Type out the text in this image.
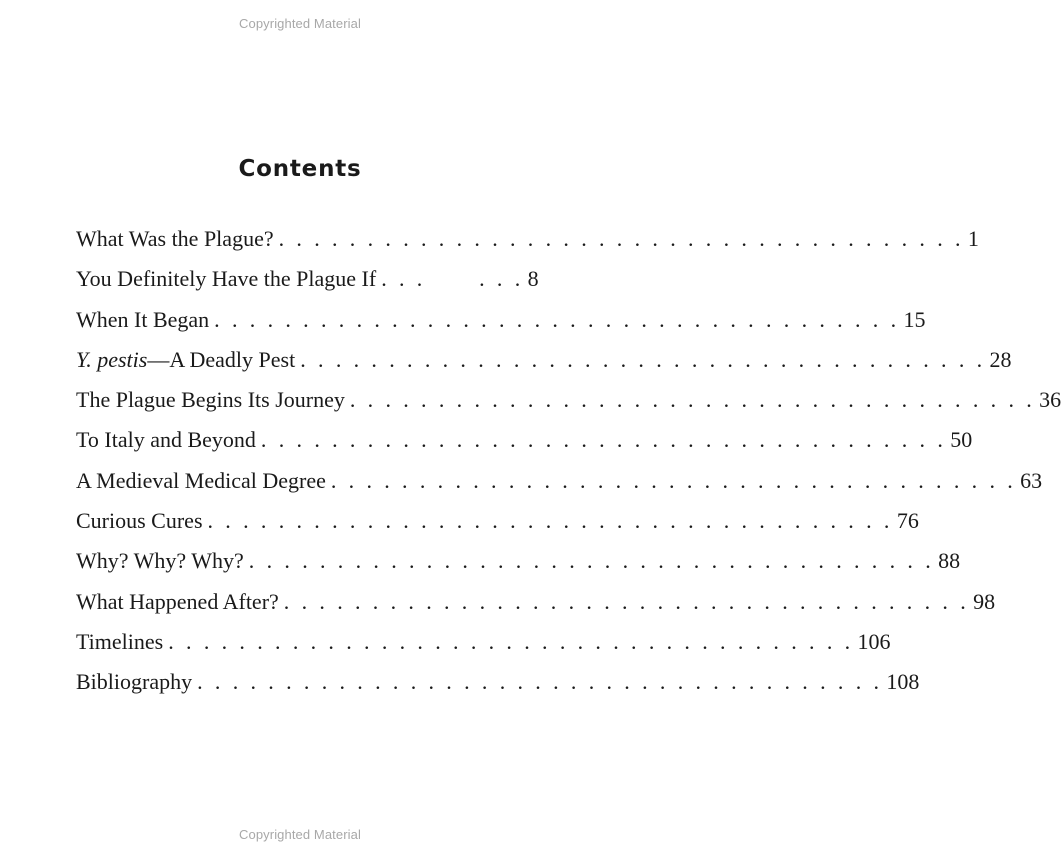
Copyrighted Material
Contents
What Was the Plague? . . . . . . . . . . . . . . . . . . . . . . . . . . . . . . . . . . . . . . . 1
You Definitely Have the Plague If . . .      . . . 8
When It Began . . . . . . . . . . . . . . . . . . . . . . . . . . . . . . . . . . . . . . . 15
Y. pestis—A Deadly Pest . . . . . . . . . . . . . . . . . . . . . . . . . . . . . . . . . . . . . . . 28
The Plague Begins Its Journey . . . . . . . . . . . . . . . . . . . . . . . . . . . . . . . . . . . . . . . 36
To Italy and Beyond . . . . . . . . . . . . . . . . . . . . . . . . . . . . . . . . . . . . . . . 50
A Medieval Medical Degree . . . . . . . . . . . . . . . . . . . . . . . . . . . . . . . . . . . . . . . 63
Curious Cures . . . . . . . . . . . . . . . . . . . . . . . . . . . . . . . . . . . . . . . 76
Why? Why? Why? . . . . . . . . . . . . . . . . . . . . . . . . . . . . . . . . . . . . . . . 88
What Happened After? . . . . . . . . . . . . . . . . . . . . . . . . . . . . . . . . . . . . . . . 98
Timelines . . . . . . . . . . . . . . . . . . . . . . . . . . . . . . . . . . . . . . . 106
Bibliography . . . . . . . . . . . . . . . . . . . . . . . . . . . . . . . . . . . . . . . 108
Copyrighted Material
